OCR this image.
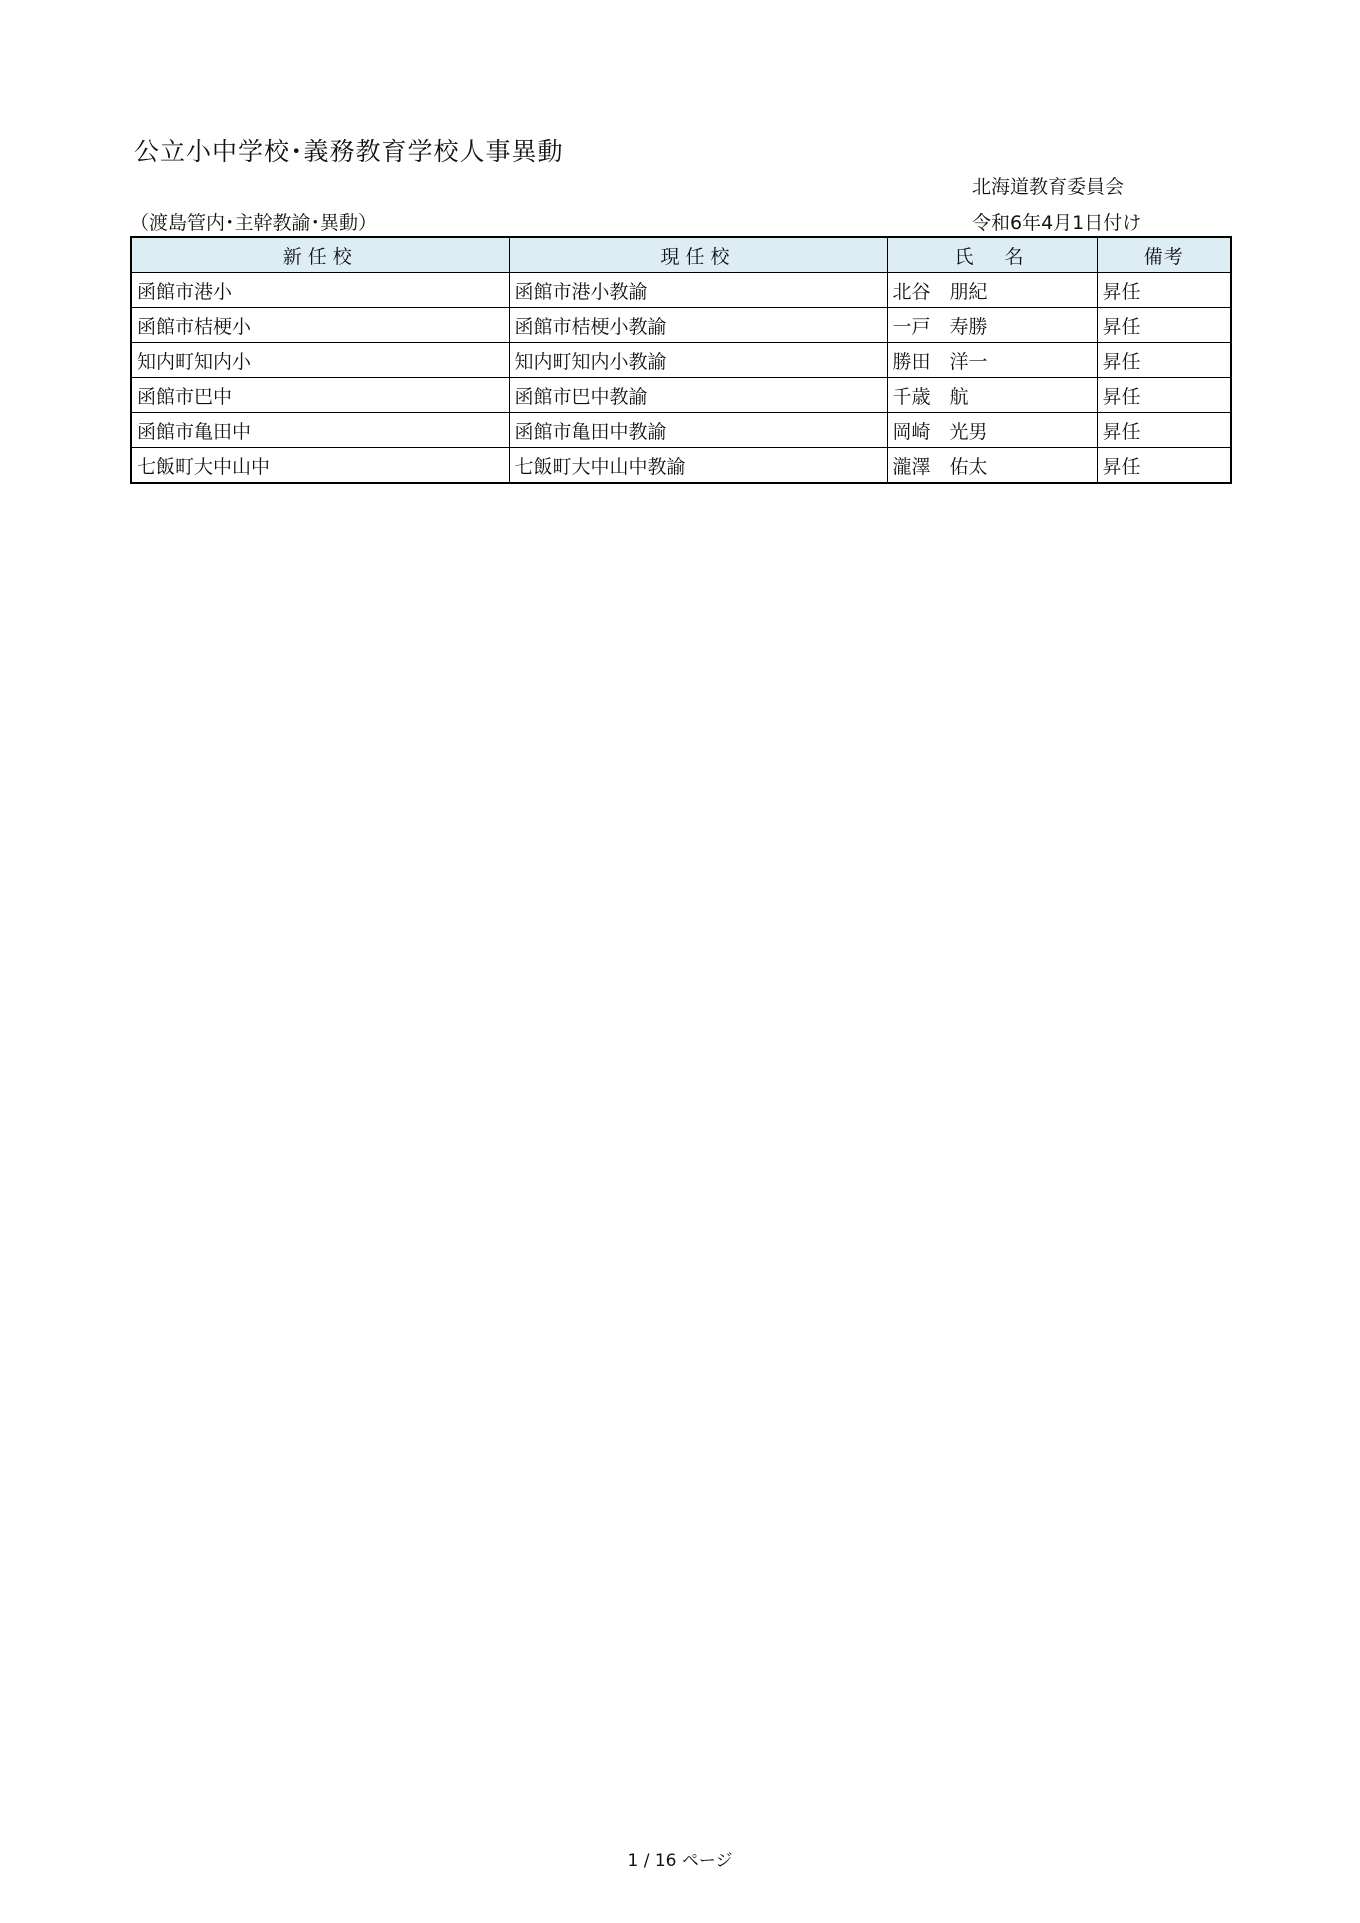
公立小中学校･義務教育学校人事異動
北海道教育委員会
（渡島管内･主幹教諭･異動）	令和6年4月1日付け
新任校	現任校	氏　名	備考
函館市港小	函館市港小教諭	北谷　朋紀	昇任
函館市桔梗小	函館市桔梗小教諭	一戸　寿勝	昇任
知内町知内小	知内町知内小教諭	勝田　洋一	昇任
函館市巴中	函館市巴中教諭	千歳　航	昇任
函館市亀田中	函館市亀田中教諭	岡崎　光男	昇任
七飯町大中山中	七飯町大中山中教諭	瀧澤　佑太	昇任
1 / 16 ページ
